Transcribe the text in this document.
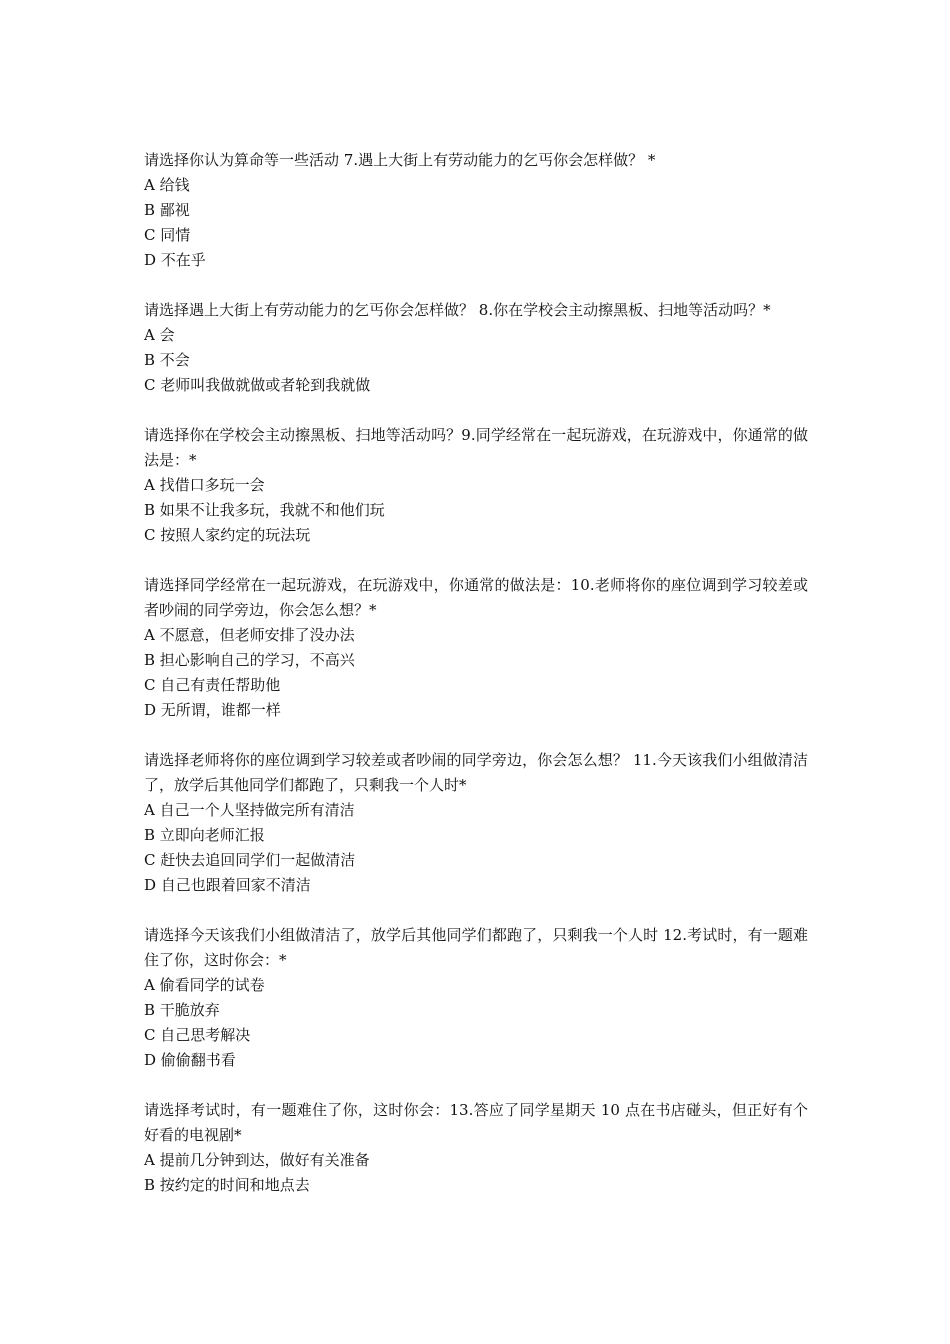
请选择你认为算命等一些活动 7.遇上大街上有劳动能力的乞丐你会怎样做？ *

A 给钱
B 鄙视
C 同情
D 不在乎

请选择遇上大街上有劳动能力的乞丐你会怎样做？ 8.你在学校会主动擦黑板、扫地等活动吗？*

A 会
B 不会
C 老师叫我做就做或者轮到我就做

请选择你在学校会主动擦黑板、扫地等活动吗？9.同学经常在一起玩游戏，在玩游戏中，你通常的做法是：*

A 找借口多玩一会
B 如果不让我多玩，我就不和他们玩
C 按照人家约定的玩法玩

请选择同学经常在一起玩游戏，在玩游戏中，你通常的做法是：10.老师将你的座位调到学习较差或者吵闹的同学旁边，你会怎么想？*

A 不愿意，但老师安排了没办法
B 担心影响自己的学习，不高兴
C 自己有责任帮助他
D 无所谓，谁都一样

请选择老师将你的座位调到学习较差或者吵闹的同学旁边，你会怎么想？ 11.今天该我们小组做清洁了，放学后其他同学们都跑了，只剩我一个人时*

A 自己一个人坚持做完所有清洁
B 立即向老师汇报
C 赶快去追回同学们一起做清洁
D 自己也跟着回家不清洁

请选择今天该我们小组做清洁了，放学后其他同学们都跑了，只剩我一个人时 12.考试时，有一题难住了你，这时你会：*

A 偷看同学的试卷
B 干脆放弃
C 自己思考解决
D 偷偷翻书看

请选择考试时，有一题难住了你，这时你会：13.答应了同学星期天 10 点在书店碰头，但正好有个好看的电视剧*

A 提前几分钟到达，做好有关准备
B 按约定的时间和地点去
